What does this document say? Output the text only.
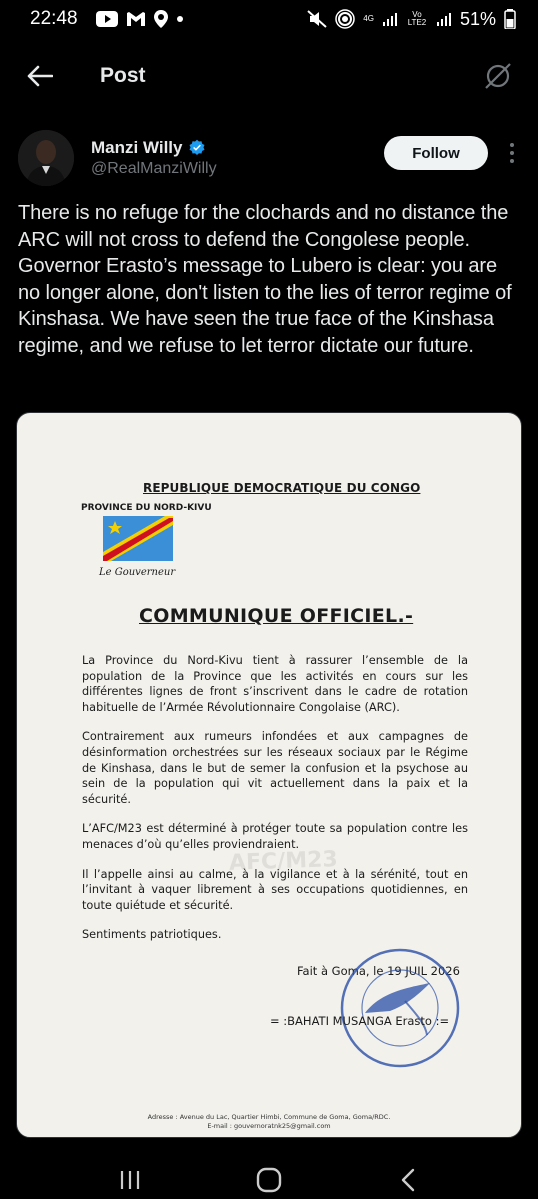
22:48	4G	Vo LTE2 51%
Post
Manzi Willy
@RealManziWilly
Follow
There is no refuge for the clochards and no distance the ARC will not cross to defend the Congolese people. Governor Erasto’s message to Lubero is clear: you are no longer alone, don't listen to the lies of terror regime of Kinshasa. We have seen the true face of the Kinshasa regime, and we refuse to let terror dictate our future.
REPUBLIQUE DEMOCRATIQUE DU CONGO
PROVINCE DU NORD-KIVU
Le Gouverneur
COMMUNIQUE OFFICIEL.-

La Province du Nord-Kivu tient à rassurer l’ensemble de la population de la Province que les activités en cours sur les différentes lignes de front s’inscrivent dans le cadre de rotation habituelle de l’Armée Révolutionnaire Congolaise (ARC).

Contrairement aux rumeurs infondées et aux campagnes de désinformation orchestrées sur les réseaux sociaux par le Régime de Kinshasa, dans le but de semer la confusion et la psychose au sein de la population qui vit actuellement dans la paix et la sécurité.

L’AFC/M23 est déterminé à protéger toute sa population contre les menaces d’où qu’elles proviendraient.

Il l’appelle ainsi au calme, à la vigilance et à la sérénité, tout en l’invitant à vaquer librement à ses occupations quotidiennes, en toute quiétude et sécurité.

Sentiments patriotiques.

AFC/M23
Fait à Goma, le 19 JUIL 2026
= :BAHATI MUSANGA Erasto :=
Adresse : Avenue du Lac, Quartier Himbi, Commune de Goma, Goma/RDC.
E-mail : gouvernoratnk25@gmail.com
